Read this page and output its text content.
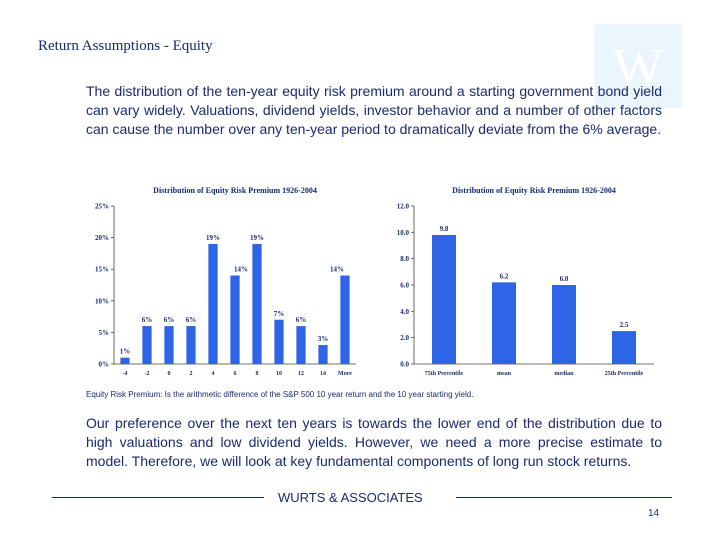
Return Assumptions - Equity	W
The distribution of the ten-year equity risk premium around a starting government bond yield can vary widely. Valuations, dividend yields, investor behavior and a number of other factors can cause the number over any ten-year period to dramatically deviate from the 6% average.
Distribution of Equity Risk Premium 1926-2004
0%
5%
10%
15%
20%
25%
1%
-4
6%
-2
6%
0
6%
2
19%
4
14%
6
19%
8
7%
10
6%
12
3%
14
14%
More
Distribution of Equity Risk Premium 1926-2004
0.0
2.0
4.0
6.0
8.0
10.0
12.0
9.8
75th Percentile
6.2
mean
6.0
median
2.5
25th Percentile
Equity Risk Premium: Is the arithmetic difference of the S&P 500 10 year return and the 10 year starting yield.
Our preference over the next ten years is towards the lower end of the distribution due to high valuations and low dividend yields. However, we need a more precise estimate to model. Therefore, we will look at key fundamental components of long run stock returns.
WURTS & ASSOCIATES
14
